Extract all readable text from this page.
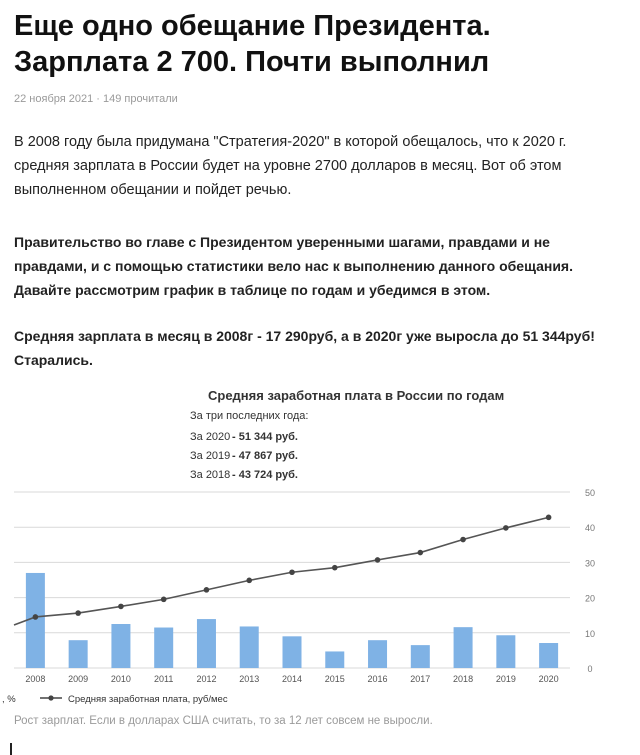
Еще одно обещание Президента. Зарплата 2 700. Почти выполнил
22 ноября 2021 · 149 прочитали

В 2008 году была придумана "Стратегия-2020" в которой обещалось, что к 2020 г. средняя зарплата в России будет на уровне 2700 долларов в месяц. Вот об этом выполненном обещании и пойдет речью.

Правительство во главе с Президентом уверенными шагами, правдами и не правдами, и с помощью статистики вело нас к выполнению данного обещания. Давайте рассмотрим график в таблице по годам и убедимся в этом.

Средняя зарплата в месяц в 2008г - 17 290руб, а в 2020г уже выросла до 51 344руб! Старались.

Средняя заработная плата в России по годам
За три последних года:
За 2020 - 51 344 руб.
За 2019 - 47 867 руб.
За 2018 - 43 724 руб.
2008	2009	2010	2011	2012	2013	2014	2015	2016	2017	2018	2019	2020
0
10
20
30
40
50
, %	Средняя заработная плата, руб/мес
Рост зарплат. Если в долларах США считать, то за 12 лет совсем не выросли.
